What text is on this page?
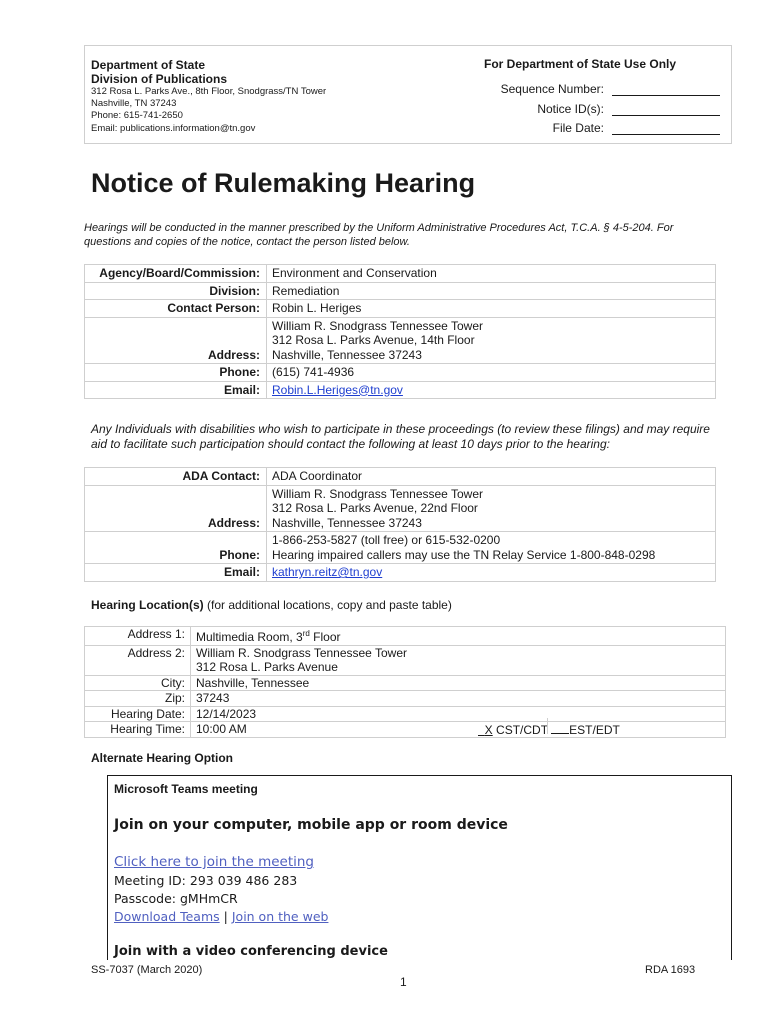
Department of State
Division of Publications
312 Rosa L. Parks Ave., 8th Floor, Snodgrass/TN Tower
Nashville, TN 37243
Phone: 615-741-2650
Email: publications.information@tn.gov
For Department of State Use Only
Sequence Number:
Notice ID(s):
File Date:
Notice of Rulemaking Hearing
Hearings will be conducted in the manner prescribed by the Uniform Administrative Procedures Act, T.C.A. § 4-5-204. For questions and copies of the notice, contact the person listed below.
Agency/Board/Commission:	Environment and Conservation
Division:	Remediation
Contact Person:	Robin L. Heriges
Address:	William R. Snodgrass Tennessee Tower
312 Rosa L. Parks Avenue, 14th Floor
Nashville, Tennessee 37243

Phone:	(615) 741-4936
Email:	Robin.L.Heriges@tn.gov
Any Individuals with disabilities who wish to participate in these proceedings (to review these filings) and may require aid to facilitate such participation should contact the following at least 10 days prior to the hearing:
ADA Contact:	ADA Coordinator
Address:	William R. Snodgrass Tennessee Tower
312 Rosa L. Parks Avenue, 22nd Floor
Nashville, Tennessee 37243

Phone:	1-866-253-5827 (toll free) or 615-532-0200
Hearing impaired callers may use the TN Relay Service 1-800-848-0298

Email:	kathryn.reitz@tn.gov
Hearing Location(s) (for additional locations, copy and paste table)
Address 1:	Multimedia Room, 3rd Floor
Address 2:	William R. Snodgrass Tennessee Tower
312 Rosa L. Parks Avenue

City:	Nashville, Tennessee
Zip:	37243
Hearing Date:	12/14/2023
Hearing Time:	10:00 AM X CST/CDT EST/EDT
Alternate Hearing Option
Microsoft Teams meeting
Join on your computer, mobile app or room device
Click here to join the meeting
Meeting ID: 293 039 486 283
Passcode: gMHmCR
Download Teams | Join on the web
Join with a video conferencing device
SS-7037 (March 2020)	RDA 1693
1
